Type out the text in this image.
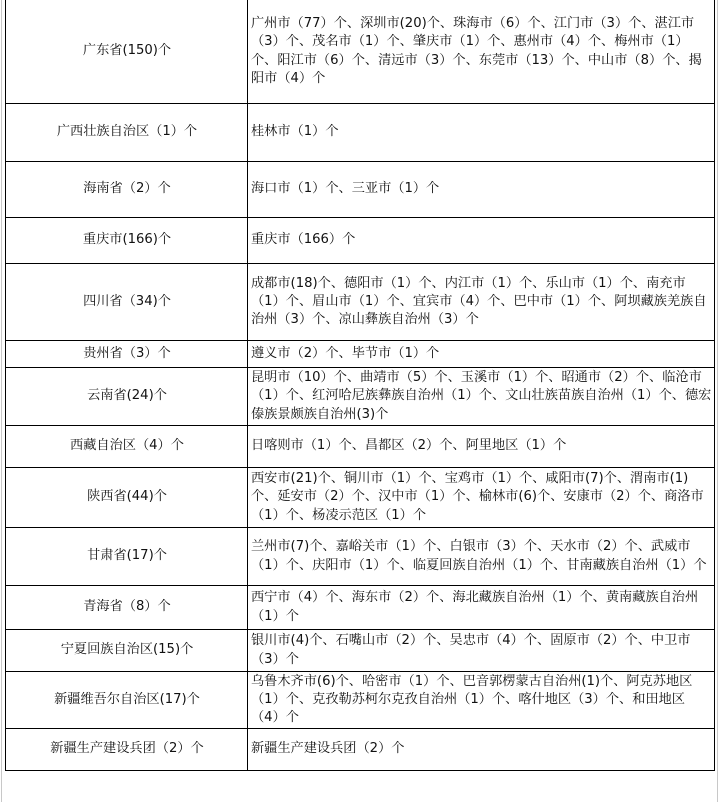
广东省(150)个	广州市（77）个、深圳市(20)个、珠海市（6）个、江门市（3）个、湛江市（3）个、茂名市（1）个、肇庆市（1）个、惠州市（4）个、梅州市（1）个、阳江市（6）个、清远市（3）个、东莞市（13）个、中山市（8）个、揭阳市（4）个
广西壮族自治区（1）个	桂林市（1）个
海南省（2）个	海口市（1）个、三亚市（1）个
重庆市(166)个	重庆市（166）个
四川省（34)个	成都市(18)个、德阳市（1）个、内江市（1）个、乐山市（1）个、南充市（1）个、眉山市（1）个、宜宾市（4）个、巴中市（1）个、阿坝藏族羌族自治州（3）个、凉山彝族自治州（3）个
贵州省（3）个	遵义市（2）个、毕节市（1）个
云南省(24)个	昆明市（10）个、曲靖市（5）个、玉溪市（1）个、昭通市（2）个、临沧市（1）个、红河哈尼族彝族自治州（1）个、文山壮族苗族自治州（1）个、德宏傣族景颇族自治州(3)个
西藏自治区（4）个	日喀则市（1）个、昌都区（2）个、阿里地区（1）个
陕西省(44)个	西安市(21)个、铜川市（1）个、宝鸡市（1）个、咸阳市(7)个、渭南市(1)个、延安市（2）个、汉中市（1）个、榆林市(6)个、安康市（2）个、商洛市（1）个、杨凌示范区（1）个
甘肃省(17)个	兰州市(7)个、嘉峪关市（1）个、白银市（3）个、天水市（2）个、武威市（1）个、庆阳市（1）个、临夏回族自治州（1）个、甘南藏族自治州（1）个
青海省（8）个	西宁市（4）个、海东市（2）个、海北藏族自治州（1）个、黄南藏族自治州（1）个
宁夏回族自治区(15)个	银川市(4)个、石嘴山市（2）个、吴忠市（4）个、固原市（2）个、中卫市（3）个
新疆维吾尔自治区(17)个	乌鲁木齐市(6)个、哈密市（1）个、巴音郭楞蒙古自治州(1)个、阿克苏地区（1）个、克孜勒苏柯尔克孜自治州（1）个、喀什地区（3）个、和田地区（4）个
新疆生产建设兵团（2）个	新疆生产建设兵团（2）个
